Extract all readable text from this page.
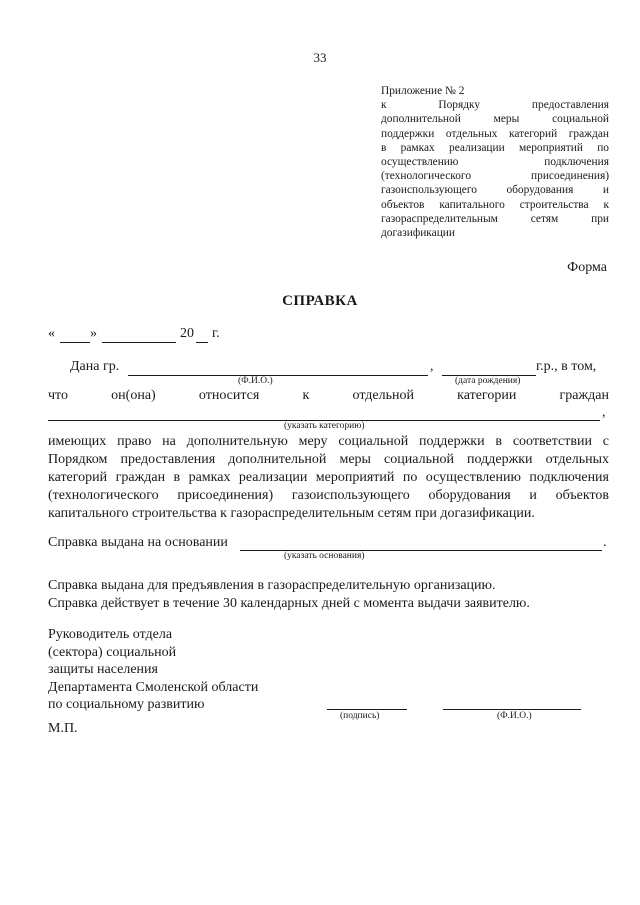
33
Приложение № 2
к Порядку предоставления
дополнительной меры социальной
поддержки отдельных категорий граждан
в рамках реализации мероприятий по
осуществлению подключения
(технологического присоединения)
газоиспользующего оборудования и
объектов капитального строительства к
газораспределительным сетям при
догазификации
Форма
СПРАВКА
«	»	20 г.
Дана гр.	,	г.р., в том,
(Ф.И.О.)	(дата рождения)
что	он(она)	относится	к	отдельной	категории	граждан
,
(указать категорию)
имеющих право на дополнительную меру социальной поддержки в соответствии с
Порядком предоставления дополнительной меры социальной поддержки отдельных
категорий граждан в рамках реализации мероприятий по осуществлению подключения
(технологического присоединения) газоиспользующего оборудования и объектов
капитального строительства к газораспределительным сетям при догазификации.
Справка выдана на основании	.
(указать основания)
Справка выдана для предъявления в газораспределительную организацию.
Справка действует в течение 30 календарных дней с момента выдачи заявителю.
Руководитель отдела
(сектора) социальной
защиты населения
Департамента Смоленской области
по социальному развитию
(подпись)	(Ф.И.О.)
М.П.
